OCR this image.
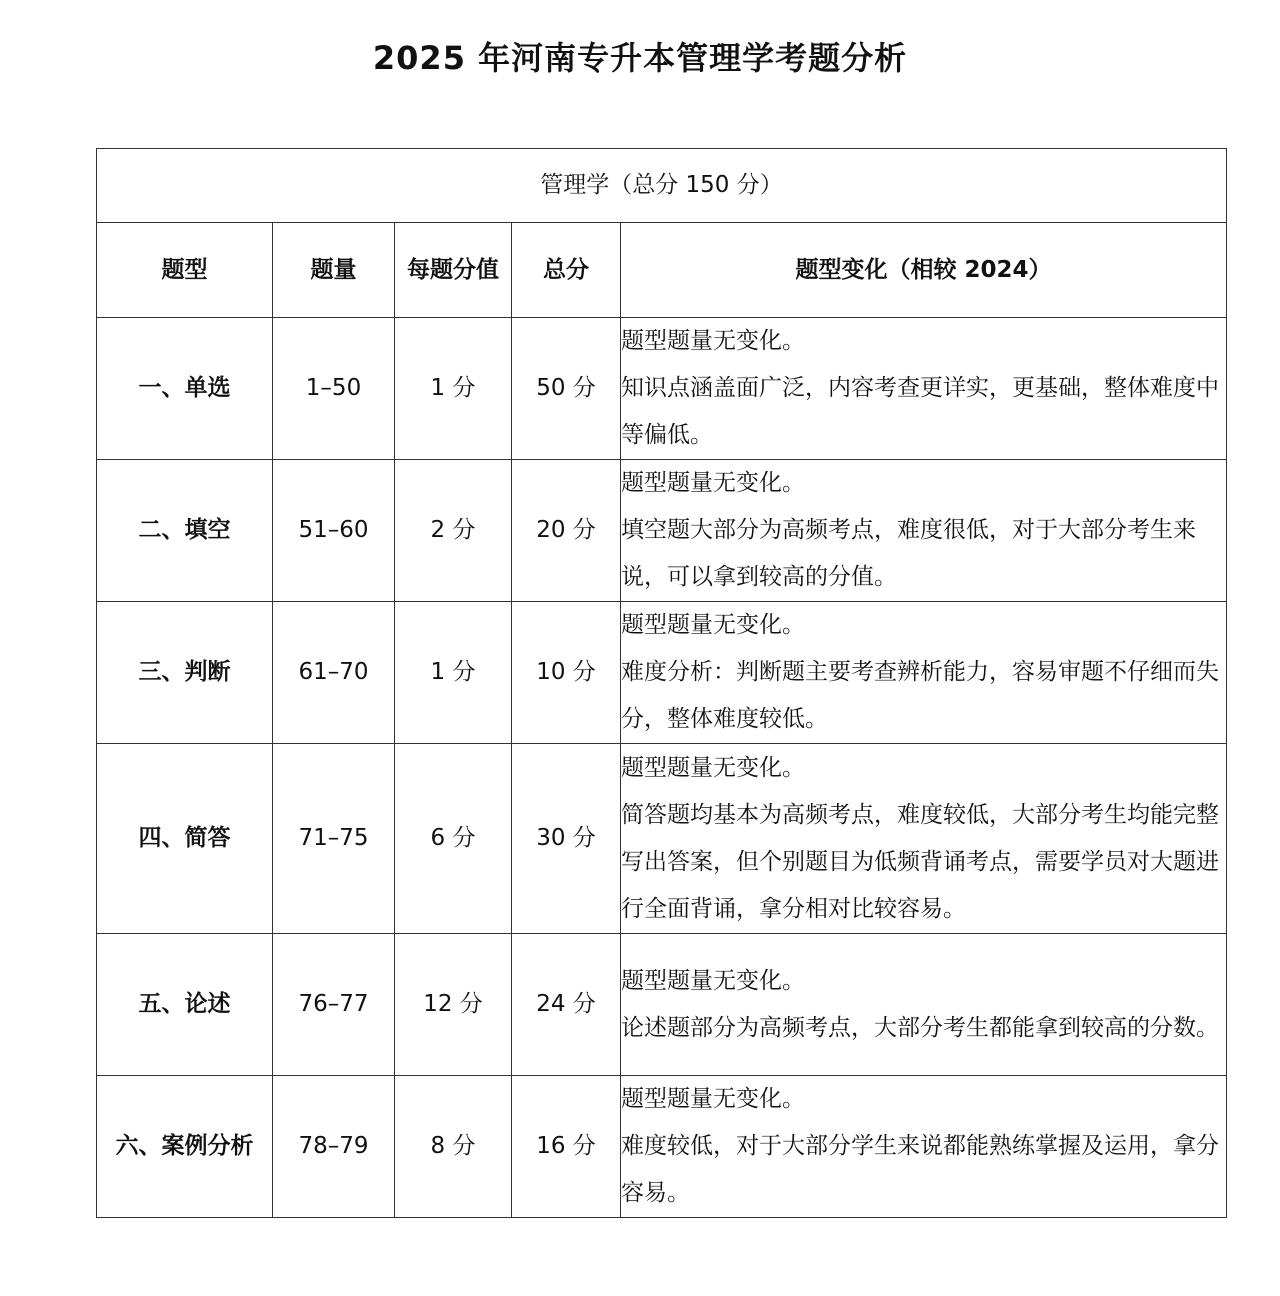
2025 年河南专升本管理学考题分析
管理学（总分 150 分）				
题型	题量	每题分值	总分	题型变化（相较 2024）
一、单选	1–50	1 分	50 分	题型题量无变化。
知识点涵盖面广泛，内容考查更详实，更基础，整体难度中等偏低。

二、填空	51–60	2 分	20 分	题型题量无变化。
填空题大部分为高频考点，难度很低，对于大部分考生来说，可以拿到较高的分值。

三、判断	61–70	1 分	10 分	题型题量无变化。
难度分析：判断题主要考查辨析能力，容易审题不仔细而失分，整体难度较低。

四、简答	71–75	6 分	30 分	题型题量无变化。
简答题均基本为高频考点，难度较低，大部分考生均能完整写出答案，但个别题目为低频背诵考点，需要学员对大题进行全面背诵，拿分相对比较容易。

五、论述	76–77	12 分	24 分	题型题量无变化。
论述题部分为高频考点，大部分考生都能拿到较高的分数。

六、案例分析	78–79	8 分	16 分	题型题量无变化。
难度较低，对于大部分学生来说都能熟练掌握及运用，拿分容易。
